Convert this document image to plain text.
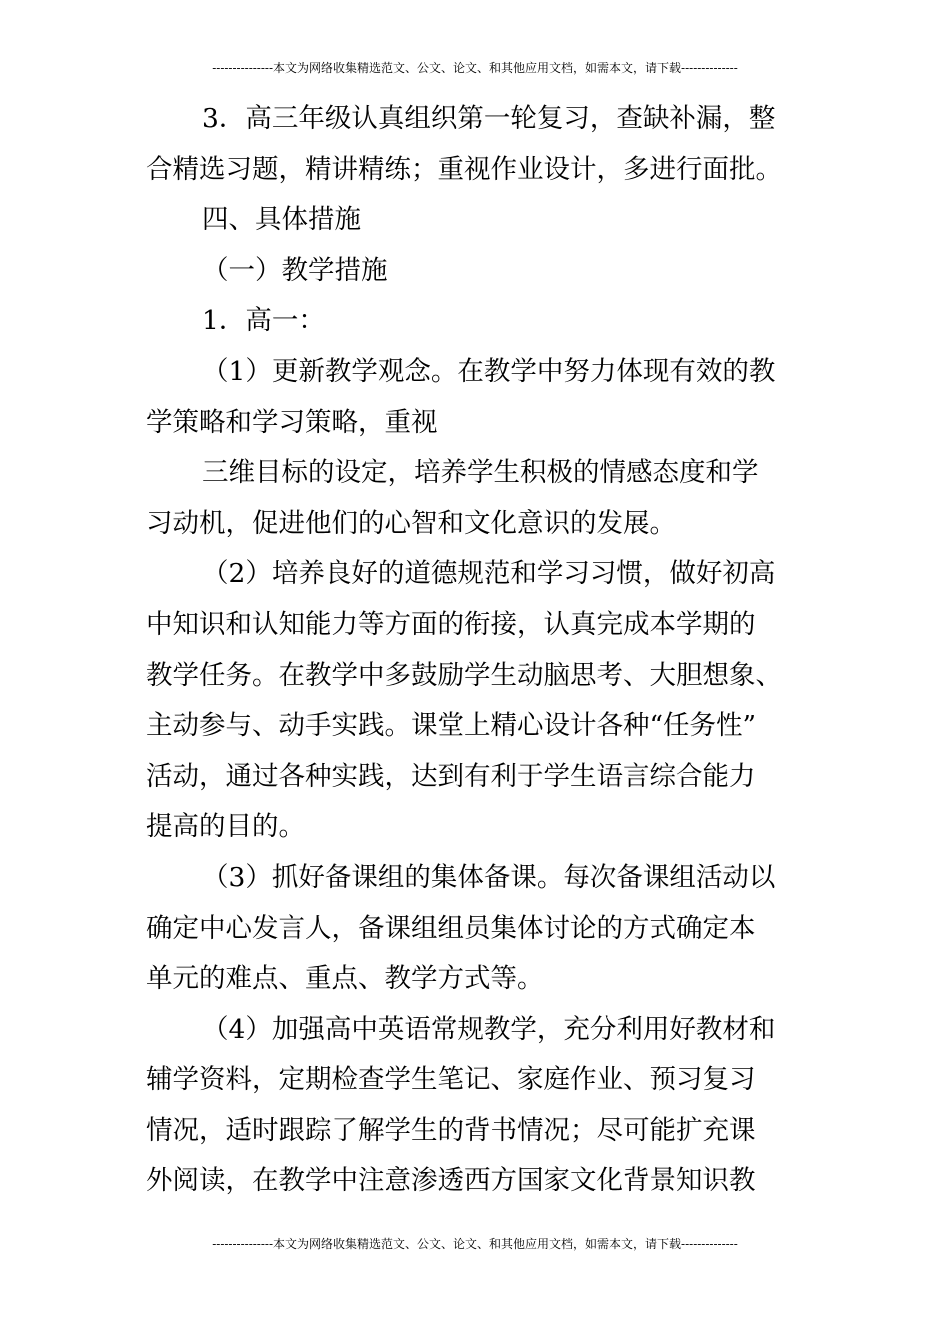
---------------本文为网络收集精选范文、公文、论文、和其他应用文档，如需本文，请下载--------------
3．高三年级认真组织第一轮复习，查缺补漏，整
合精选习题，精讲精练；重视作业设计，多进行面批。
四、具体措施
（一）教学措施
1．高一：
（1）更新教学观念。在教学中努力体现有效的教
学策略和学习策略，重视
三维目标的设定，培养学生积极的情感态度和学
习动机，促进他们的心智和文化意识的发展。
（2）培养良好的道德规范和学习习惯，做好初高
中知识和认知能力等方面的衔接，认真完成本学期的
教学任务。在教学中多鼓励学生动脑思考、大胆想象、
主动参与、动手实践。课堂上精心设计各种“任务性”
活动，通过各种实践，达到有利于学生语言综合能力
提高的目的。
（3）抓好备课组的集体备课。每次备课组活动以
确定中心发言人，备课组组员集体讨论的方式确定本
单元的难点、重点、教学方式等。
（4）加强高中英语常规教学，充分利用好教材和
辅学资料，定期检查学生笔记、家庭作业、预习复习
情况，适时跟踪了解学生的背书情况；尽可能扩充课
外阅读，在教学中注意渗透西方国家文化背景知识教
---------------本文为网络收集精选范文、公文、论文、和其他应用文档，如需本文，请下载--------------
